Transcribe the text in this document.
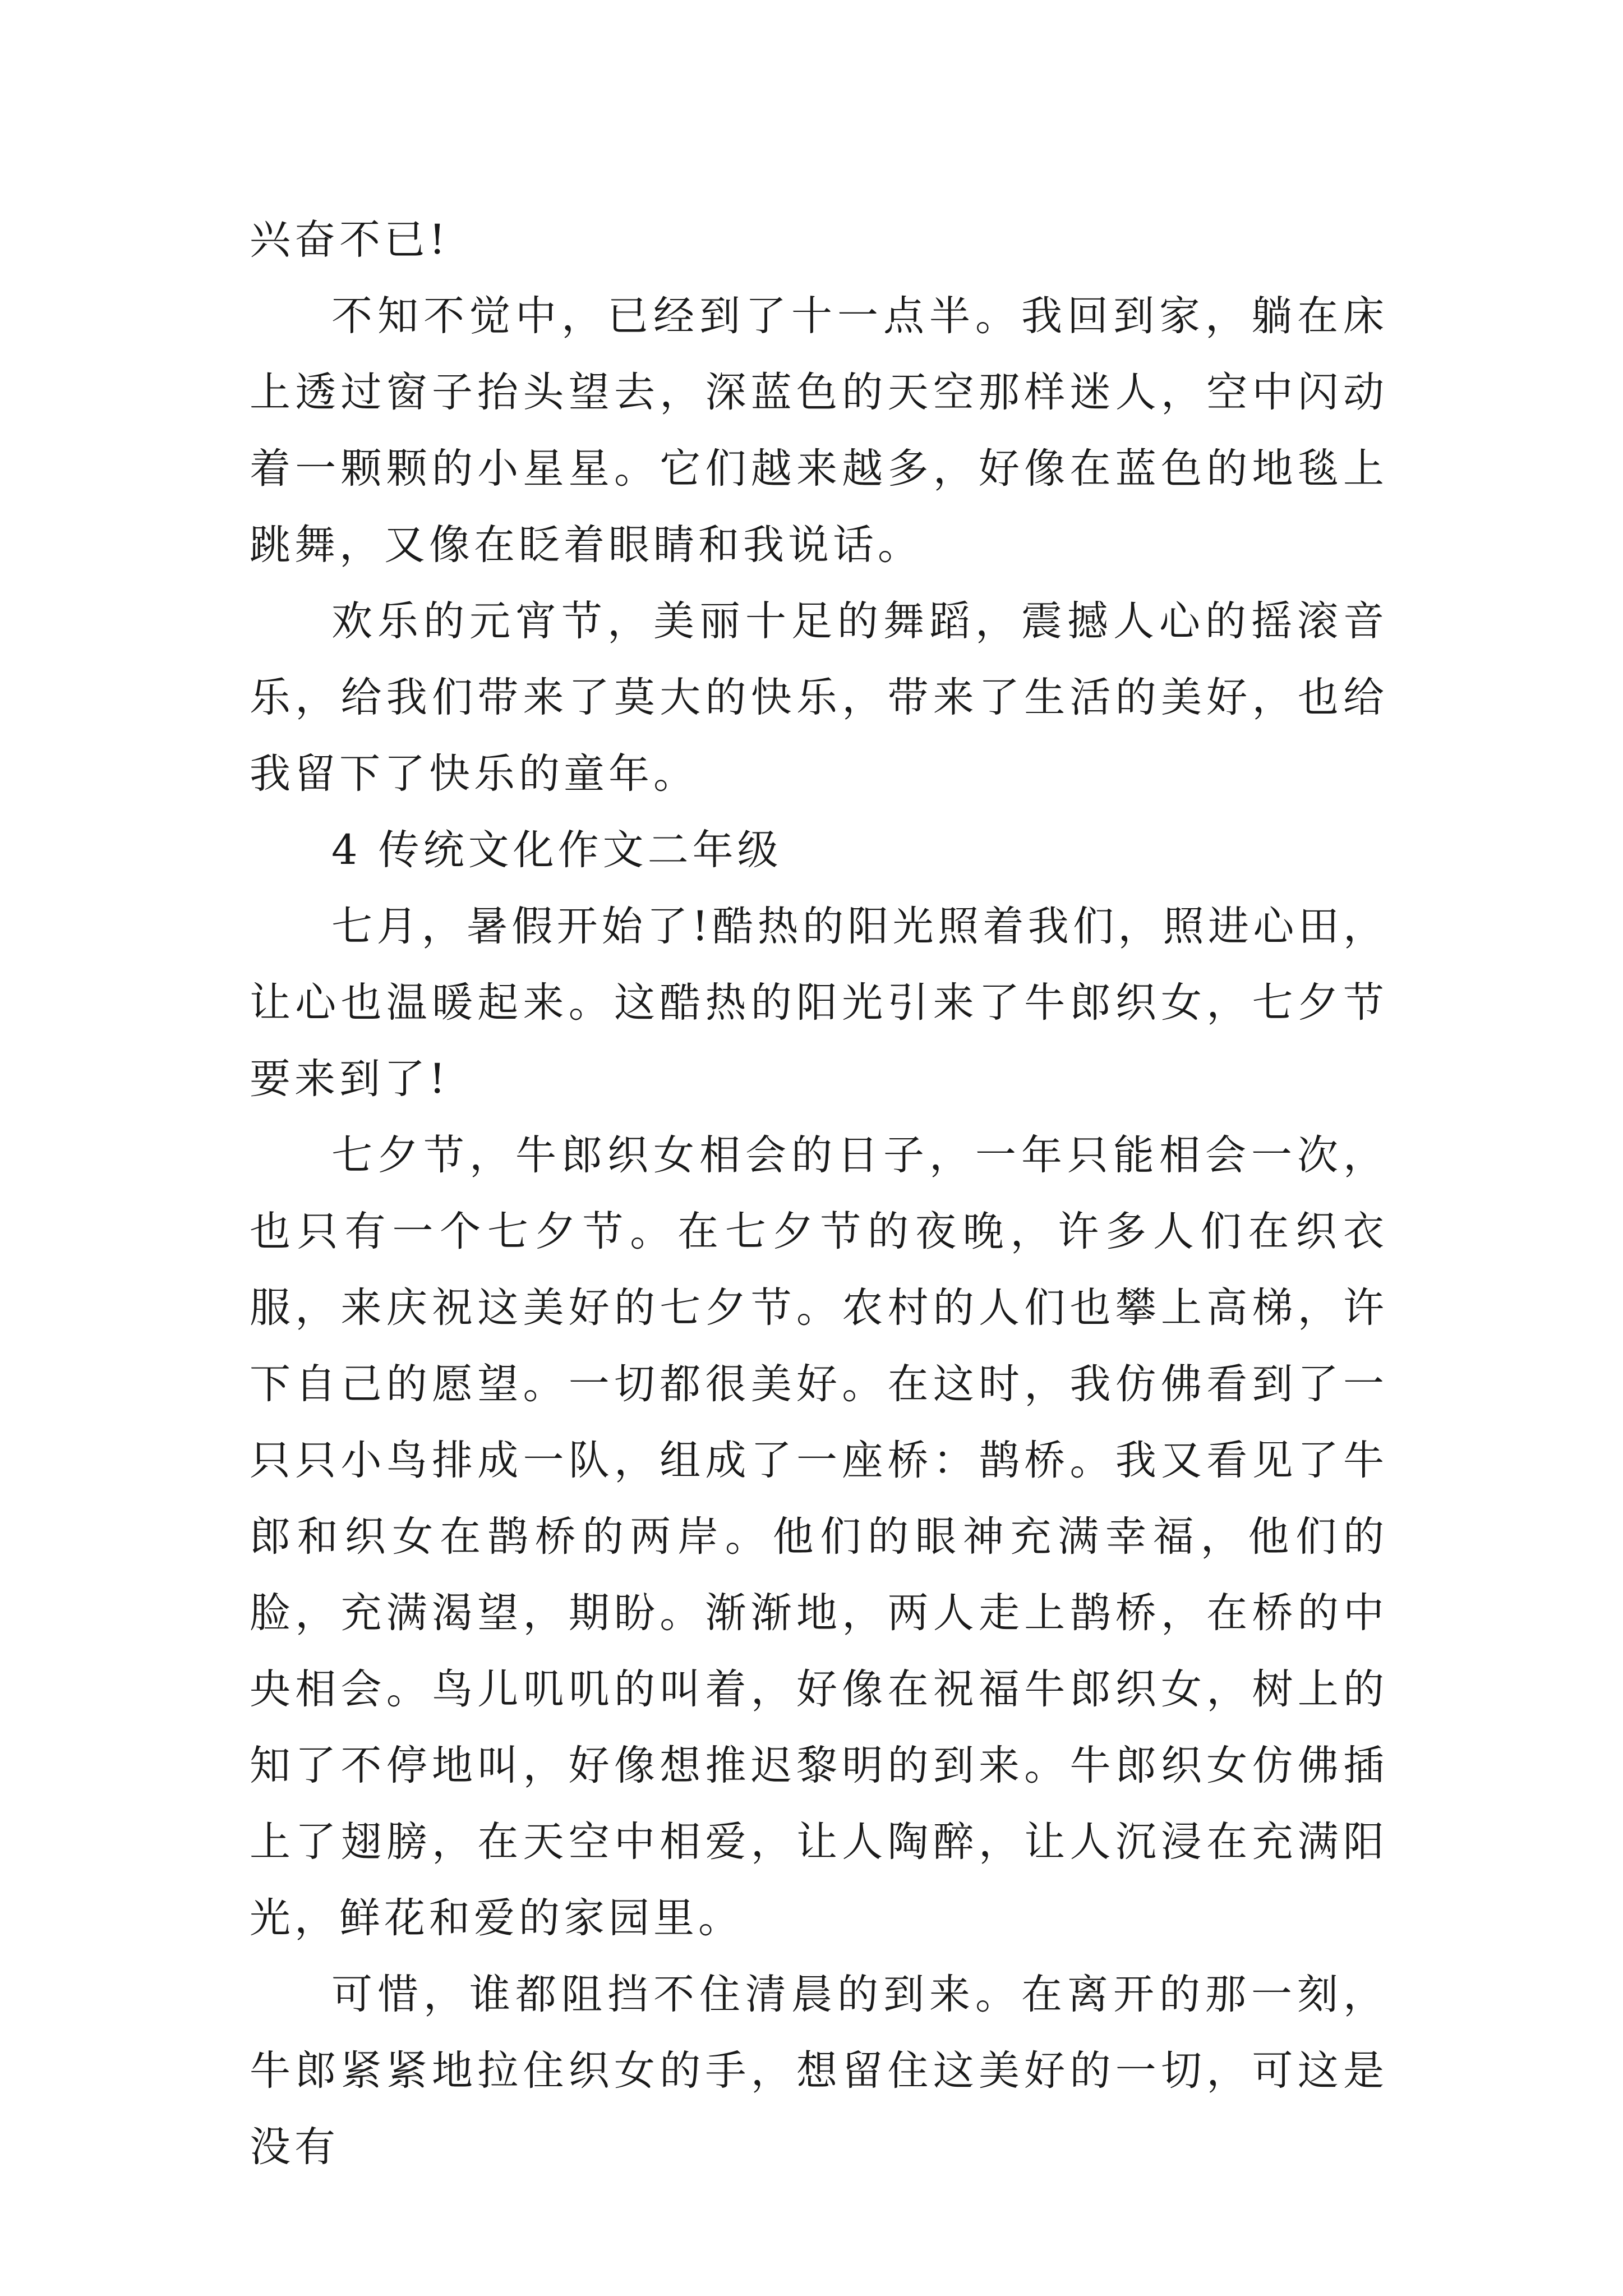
兴奋不已!

不知不觉中，已经到了十一点半。我回到家，躺在床上透过窗子抬头望去，深蓝色的天空那样迷人，空中闪动着一颗颗的小星星。它们越来越多，好像在蓝色的地毯上跳舞，又像在眨着眼睛和我说话。

欢乐的元宵节，美丽十足的舞蹈，震撼人心的摇滚音乐，给我们带来了莫大的快乐，带来了生活的美好，也给我留下了快乐的童年。

4 传统文化作文二年级

七月，暑假开始了!酷热的阳光照着我们，照进心田，让心也温暖起来。这酷热的阳光引来了牛郎织女，七夕节要来到了!

七夕节，牛郎织女相会的日子，一年只能相会一次，也只有一个七夕节。在七夕节的夜晚，许多人们在织衣服，来庆祝这美好的七夕节。农村的人们也攀上高梯，许下自己的愿望。一切都很美好。在这时，我仿佛看到了一只只小鸟排成一队，组成了一座桥：鹊桥。我又看见了牛郎和织女在鹊桥的两岸。他们的眼神充满幸福，他们的脸，充满渴望，期盼。渐渐地，两人走上鹊桥，在桥的中央相会。鸟儿叽叽的叫着，好像在祝福牛郎织女，树上的知了不停地叫，好像想推迟黎明的到来。牛郎织女仿佛插上了翅膀，在天空中相爱，让人陶醉，让人沉浸在充满阳光，鲜花和爱的家园里。

可惜，谁都阻挡不住清晨的到来。在离开的那一刻，牛郎紧紧地拉住织女的手，想留住这美好的一切，可这是没有
